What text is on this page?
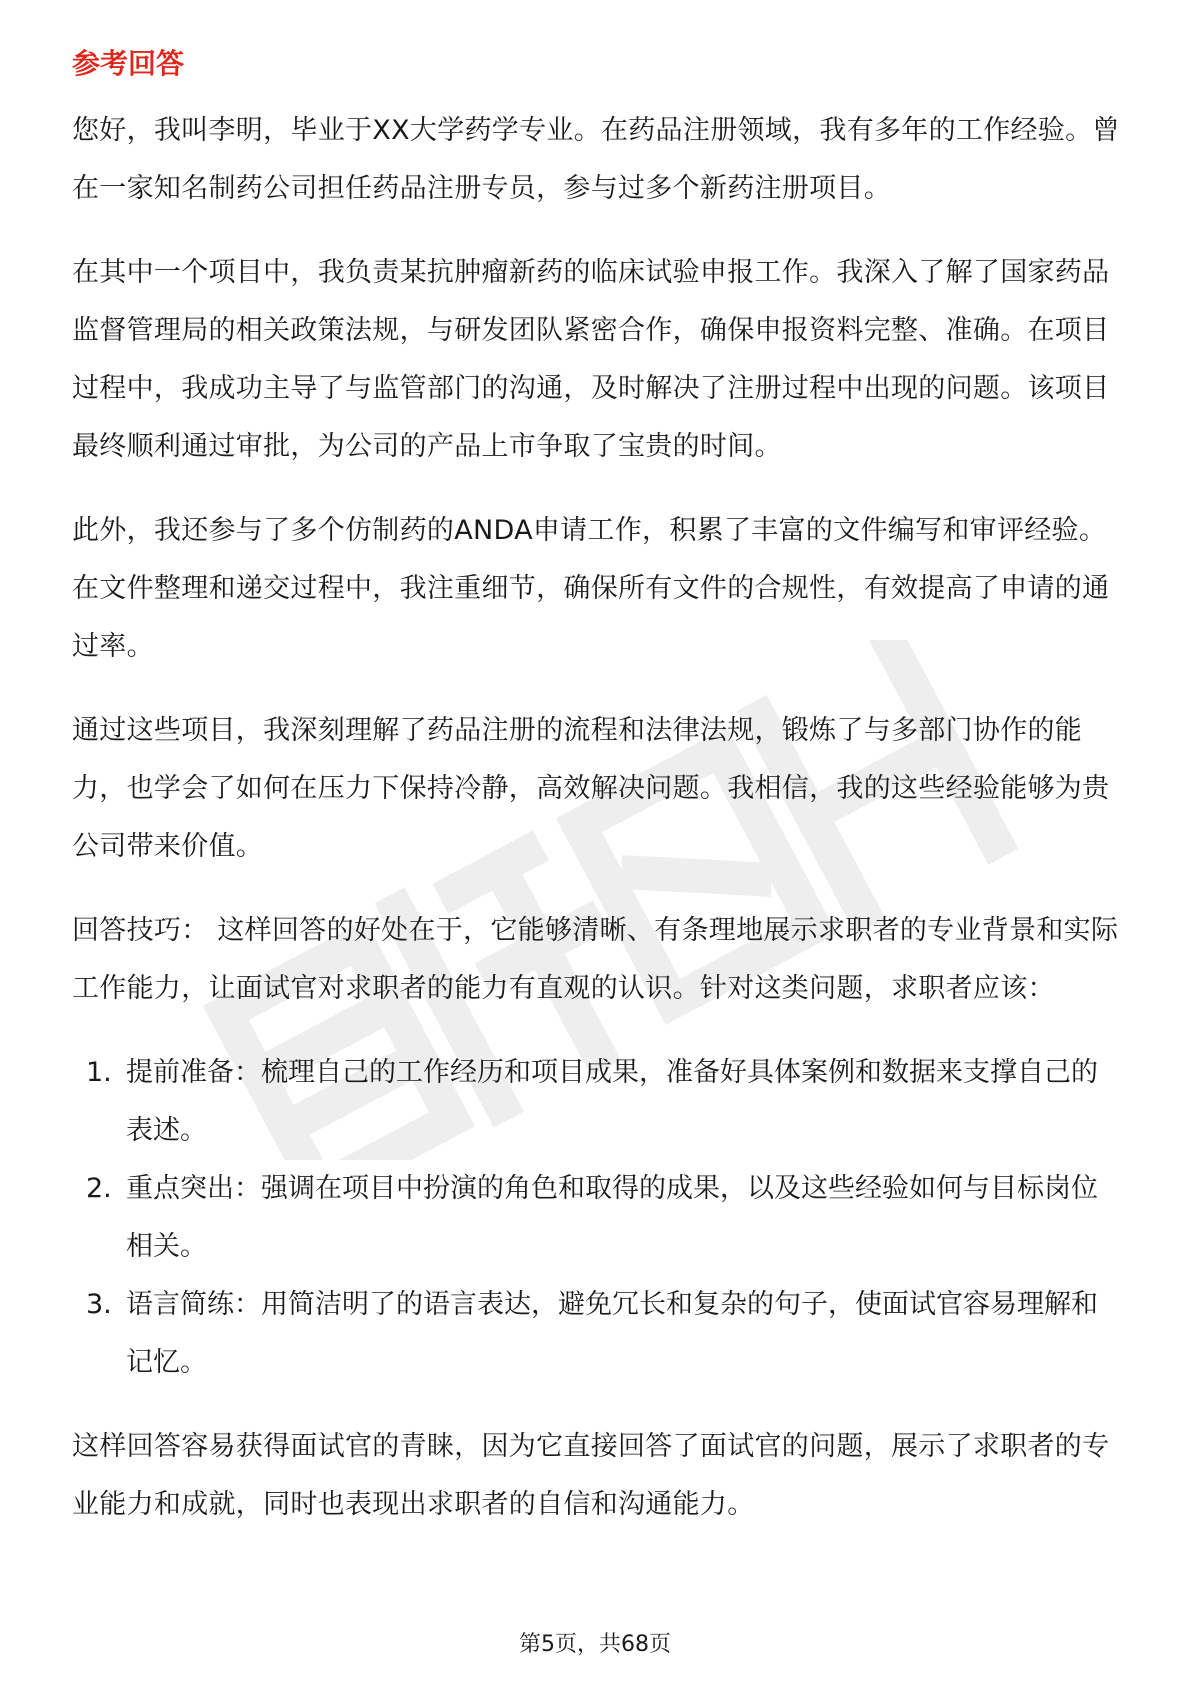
参考回答

您好，我叫李明，毕业于XX大学药学专业。在药品注册领域，我有多年的工作经验。曾在一家知名制药公司担任药品注册专员，参与过多个新药注册项目。

在其中一个项目中，我负责某抗肿瘤新药的临床试验申报工作。我深入了解了国家药品监督管理局的相关政策法规，与研发团队紧密合作，确保申报资料完整、准确。在项目过程中，我成功主导了与监管部门的沟通，及时解决了注册过程中出现的问题。该项目最终顺利通过审批，为公司的产品上市争取了宝贵的时间。

此外，我还参与了多个仿制药的ANDA申请工作，积累了丰富的文件编写和审评经验。在文件整理和递交过程中，我注重细节，确保所有文件的合规性，有效提高了申请的通过率。

通过这些项目，我深刻理解了药品注册的流程和法律法规，锻炼了与多部门协作的能力，也学会了如何在压力下保持冷静，高效解决问题。我相信，我的这些经验能够为贵公司带来价值。

回答技巧： 这样回答的好处在于，它能够清晰、有条理地展示求职者的专业背景和实际工作能力，让面试官对求职者的能力有直观的认识。针对这类问题，求职者应该：

1. 提前准备：梳理自己的工作经历和项目成果，准备好具体案例和数据来支撑自己的表述。
2. 重点突出：强调在项目中扮演的角色和取得的成果，以及这些经验如何与目标岗位相关。
3. 语言简练：用简洁明了的语言表达，避免冗长和复杂的句子，使面试官容易理解和记忆。

这样回答容易获得面试官的青睐，因为它直接回答了面试官的问题，展示了求职者的专业能力和成就，同时也表现出求职者的自信和沟通能力。

第5页，共68页
